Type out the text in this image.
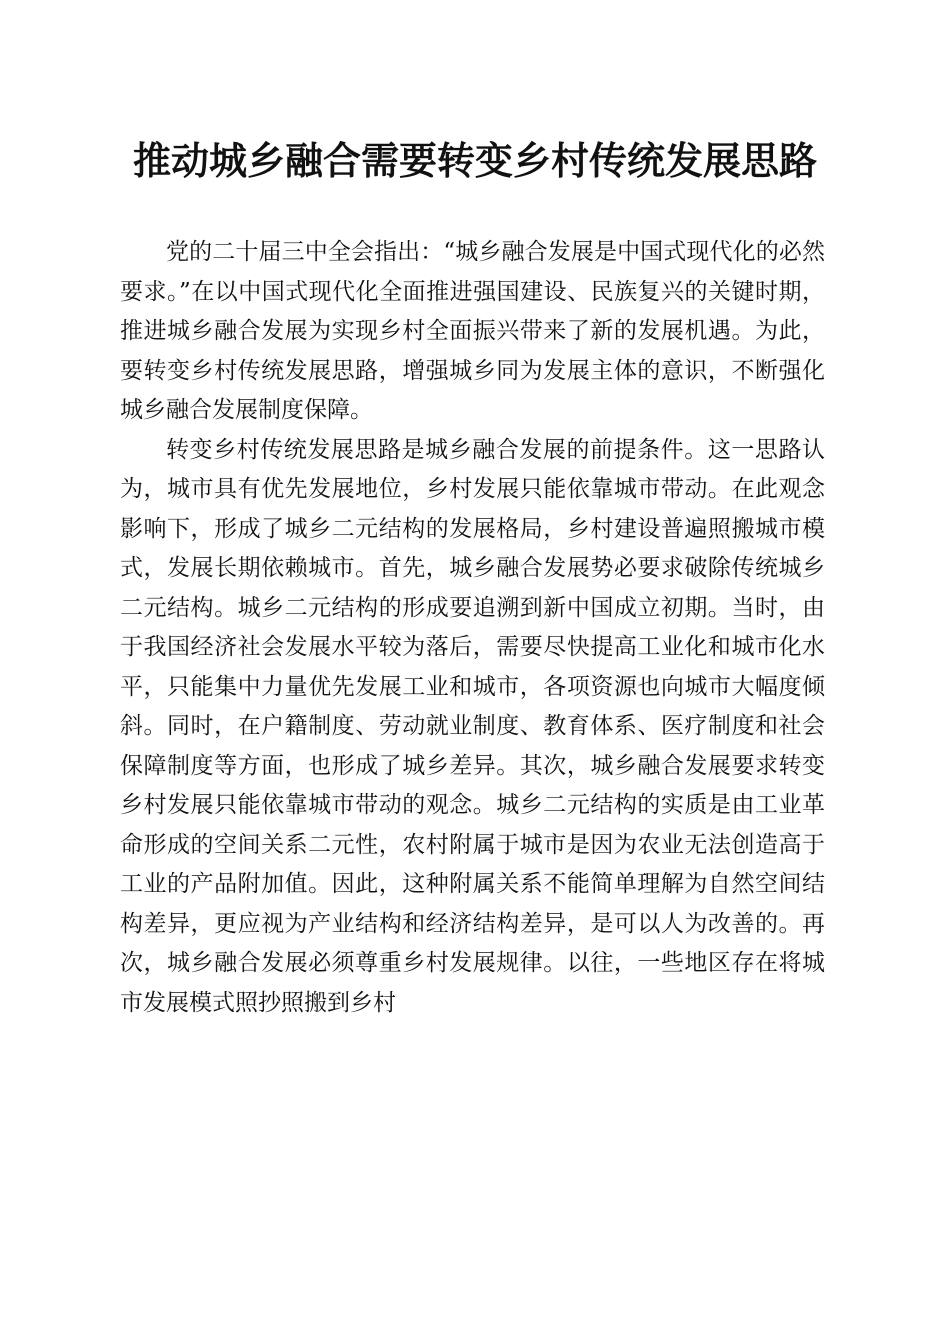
推动城乡融合需要转变乡村传统发展思路

党的二十届三中全会指出：“城乡融合发展是中国式现代化的必然要求。”在以中国式现代化全面推进强国建设、民族复兴的关键时期，推进城乡融合发展为实现乡村全面振兴带来了新的发展机遇。为此，要转变乡村传统发展思路，增强城乡同为发展主体的意识，不断强化城乡融合发展制度保障。

转变乡村传统发展思路是城乡融合发展的前提条件。这一思路认为，城市具有优先发展地位，乡村发展只能依靠城市带动。在此观念影响下，形成了城乡二元结构的发展格局，乡村建设普遍照搬城市模式，发展长期依赖城市。首先，城乡融合发展势必要求破除传统城乡二元结构。城乡二元结构的形成要追溯到新中国成立初期。当时，由于我国经济社会发展水平较为落后，需要尽快提高工业化和城市化水平，只能集中力量优先发展工业和城市，各项资源也向城市大幅度倾斜。同时，在户籍制度、劳动就业制度、教育体系、医疗制度和社会保障制度等方面，也形成了城乡差异。其次，城乡融合发展要求转变乡村发展只能依靠城市带动的观念。城乡二元结构的实质是由工业革命形成的空间关系二元性，农村附属于城市是因为农业无法创造高于工业的产品附加值。因此，这种附属关系不能简单理解为自然空间结构差异，更应视为产业结构和经济结构差异，是可以人为改善的。再次，城乡融合发展必须尊重乡村发展规律。以往，一些地区存在将城市发展模式照抄照搬到乡村
